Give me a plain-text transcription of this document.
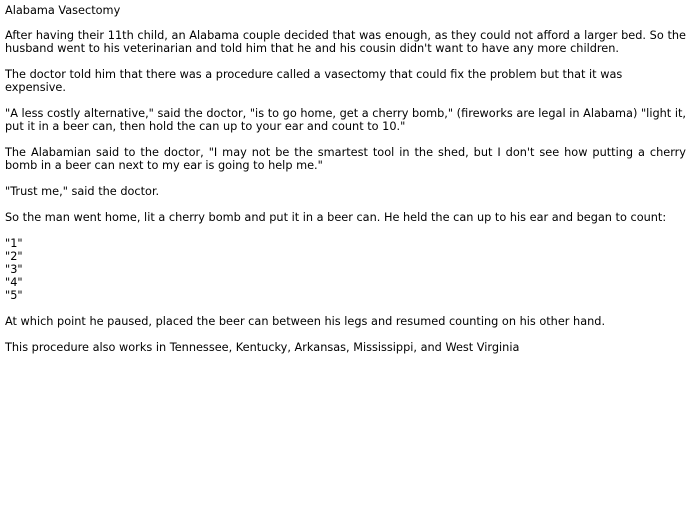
Alabama Vasectomy

After having their 11th child, an Alabama couple decided that was enough, as they could not afford a larger bed. So the husband went to his veterinarian and told him that he and his cousin didn't want to have any more children.

The doctor told him that there was a procedure called a vasectomy that could fix the problem but that it was expensive.

"A less costly alternative," said the doctor, "is to go home, get a cherry bomb," (fireworks are legal in Alabama) "light it, put it in a beer can, then hold the can up to your ear and count to 10."

The Alabamian said to the doctor, "I may not be the smartest tool in the shed, but I don't see how putting a cherry bomb in a beer can next to my ear is going to help me."

"Trust me," said the doctor.

So the man went home, lit a cherry bomb and put it in a beer can. He held the can up to his ear and began to count:

"1"
"2"
"3"
"4"
"5"

At which point he paused, placed the beer can between his legs and resumed counting on his other hand.

This procedure also works in Tennessee, Kentucky, Arkansas, Mississippi, and West Virginia
